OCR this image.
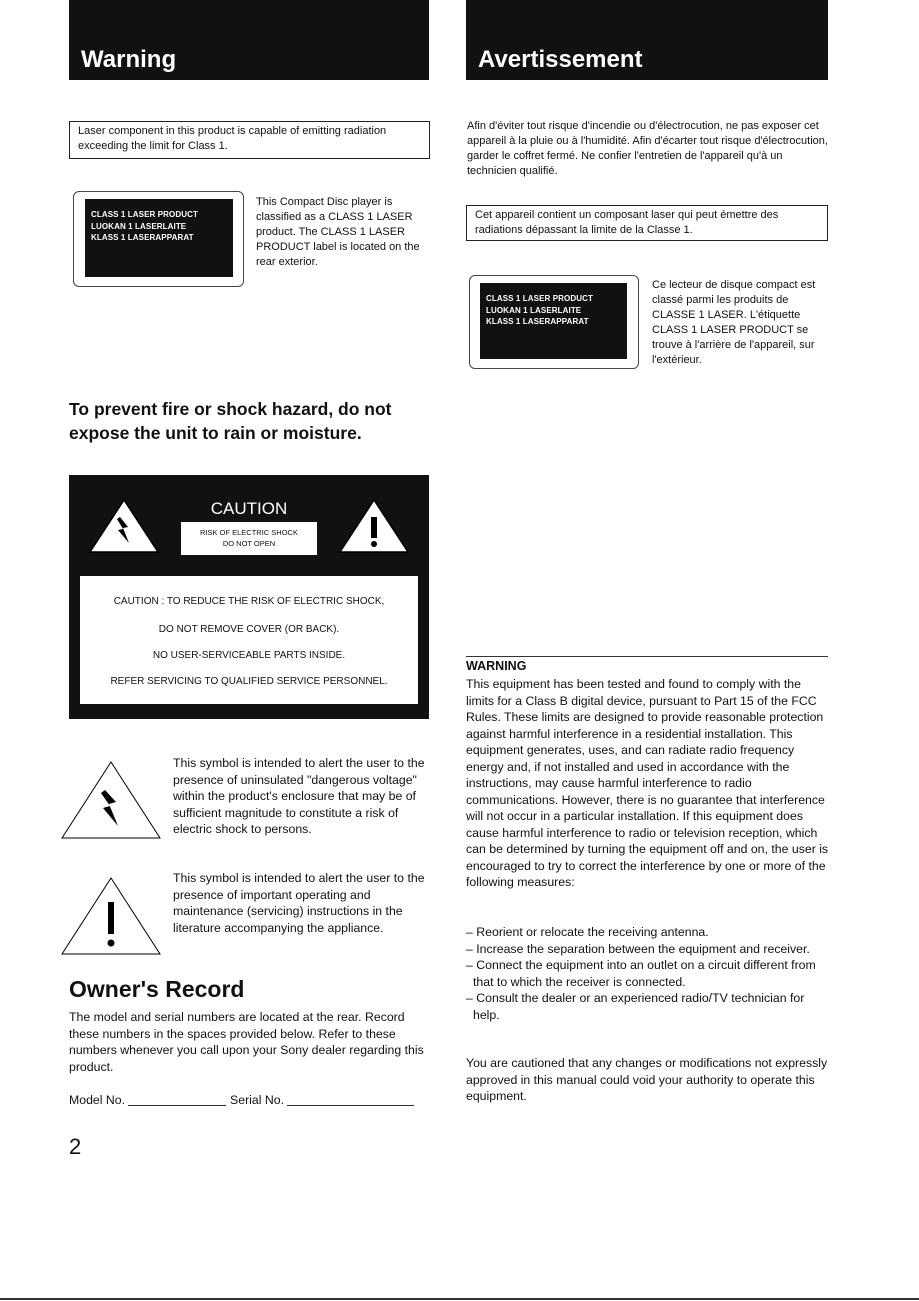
Warning
Laser component in this product is capable of emitting radiation exceeding the limit for Class 1.
CLASS 1 LASER PRODUCT
LUOKAN 1 LASERLAITE
KLASS 1 LASERAPPARAT
This Compact Disc player is classified as a CLASS 1 LASER product. The CLASS 1 LASER PRODUCT label is located on the rear exterior.
To prevent fire or shock hazard, do not expose the unit to rain or moisture.
CAUTION
RISK OF ELECTRIC SHOCK
DO NOT OPEN
CAUTION : TO REDUCE THE RISK OF ELECTRIC SHOCK,
DO NOT REMOVE COVER (OR BACK).
NO USER-SERVICEABLE PARTS INSIDE.
REFER SERVICING TO QUALIFIED SERVICE PERSONNEL.
This symbol is intended to alert the user to the presence of uninsulated "dangerous voltage" within the product's enclosure that may be of sufficient magnitude to constitute a risk of electric shock to persons.
This symbol is intended to alert the user to the presence of important operating and maintenance (servicing) instructions in the literature accompanying the appliance.
Owner's Record
The model and serial numbers are located at the rear. Record these numbers in the spaces provided below. Refer to these numbers whenever you call upon your Sony dealer regarding this product.
Model No.	Serial No.
2
Avertissement
Afin d'éviter tout risque d'incendie ou d'électrocution, ne pas exposer cet appareil à la pluie ou à l'humidité. Afin d'écarter tout risque d'électrocution, garder le coffret fermé. Ne confier l'entretien de l'appareil qu'à un technicien qualifié.
Cet appareil contient un composant laser qui peut émettre des radiations dépassant la limite de la Classe 1.
CLASS 1 LASER PRODUCT
LUOKAN 1 LASERLAITE
KLASS 1 LASERAPPARAT
Ce lecteur de disque compact est classé parmi les produits de CLASSE 1 LASER. L'étiquette CLASS 1 LASER PRODUCT se trouve à l'arrière de l'appareil, sur l'extérieur.
WARNING
This equipment has been tested and found to comply with the limits for a Class B digital device, pursuant to Part 15 of the FCC Rules. These limits are designed to provide reasonable protection against harmful interference in a residential installation. This equipment generates, uses, and can radiate radio frequency energy and, if not installed and used in accordance with the instructions, may cause harmful interference to radio communications. However, there is no guarantee that interference will not occur in a particular installation. If this equipment does cause harmful interference to radio or television reception, which can be determined by turning the equipment off and on, the user is encouraged to try to correct the interference by one or more of the following measures:
– Reorient or relocate the receiving antenna.
– Increase the separation between the equipment and receiver.
– Connect the equipment into an outlet on a circuit different from that to which the receiver is connected.
– Consult the dealer or an experienced radio/TV technician for help.
You are cautioned that any changes or modifications not expressly approved in this manual could void your authority to operate this equipment.
